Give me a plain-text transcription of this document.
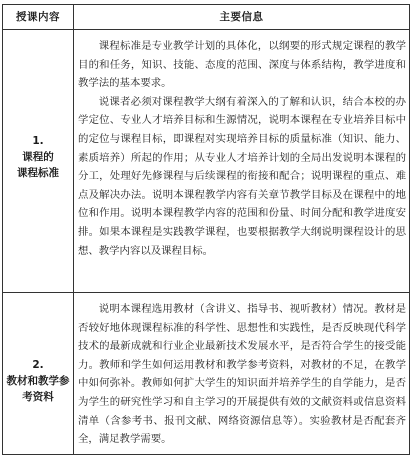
授课内容	主要信息
1.
课程的
课程标准

课程标准是专业教学计划的具体化，以纲要的形式规定课程的教学目的和任务，知识、技能、态度的范围、深度与体系结构，教学进度和教学法的基本要求。

说课者必须对课程教学大纲有着深入的了解和认识，结合本校的办学定位、专业人才培养目标和生源情况，说明本课程在专业培养目标中的定位与课程目标，即课程对实现培养目标的质量标准（知识、能力、素质培养）所起的作用；从专业人才培养计划的全局出发说明本课程的分工，处理好先修课程与后续课程的衔接和配合；说明课程的重点、难点及解决办法。说明本课程教学内容有关章节教学目标及在课程中的地位和作用。说明本课程教学内容的范围和份量、时间分配和教学进度安排。如果本课程是实践教学课程，也要根据教学大纲说明课程设计的思想、教学内容以及课程目标。

2.
教材和教学参
考资料

说明本课程选用教材（含讲义、指导书、视听教材）情况。教材是否较好地体现课程标准的科学性、思想性和实践性，是否反映现代科学技术的最新成就和行业企业最新技术发展水平，是否符合学生的接受能力。教师和学生如何运用教材和教学参考资料，对教材的不足，在教学中如何弥补。教师如何扩大学生的知识面并培养学生的自学能力，是否为学生的研究性学习和自主学习的开展提供有效的文献资料或信息资料清单（含参考书、报刊文献、网络资源信息等）。实验教材是否配套齐全，满足教学需要。
